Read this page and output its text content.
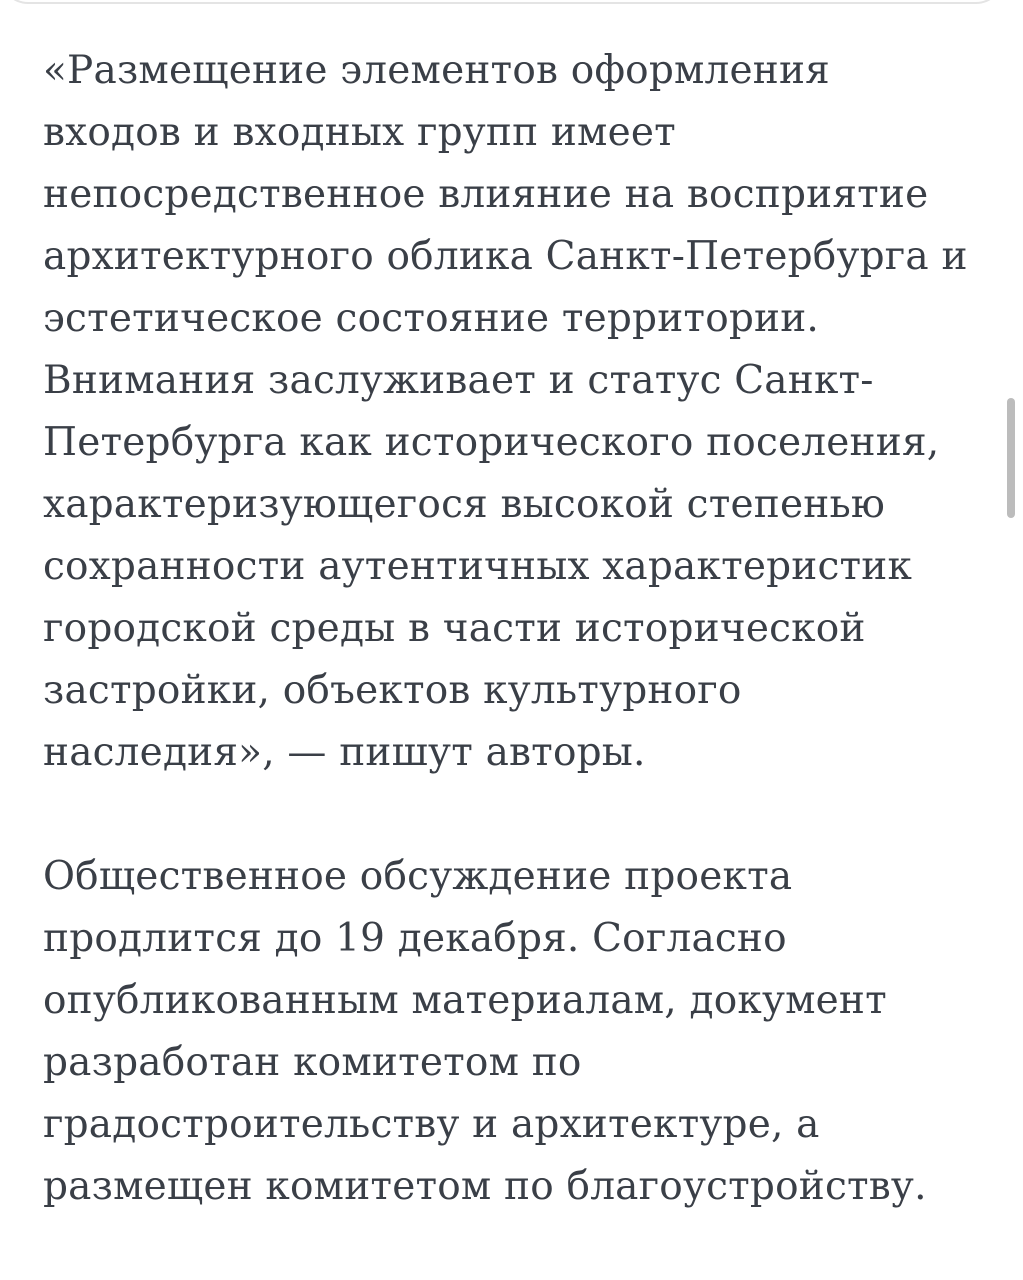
«Размещение элементов оформления
входов и входных групп имеет
непосредственное влияние на восприятие
архитектурного облика Санкт-Петербурга и
эстетическое состояние территории.
Внимания заслуживает и статус Санкт-
Петербурга как исторического поселения,
характеризующегося высокой степенью
сохранности аутентичных характеристик
городской среды в части исторической
застройки, объектов культурного
наследия», — пишут авторы.

Общественное обсуждение проекта
продлится до 19 декабря. Согласно
опубликованным материалам, документ
разработан комитетом по
градостроительству и архитектуре, а
размещен комитетом по благоустройству.
